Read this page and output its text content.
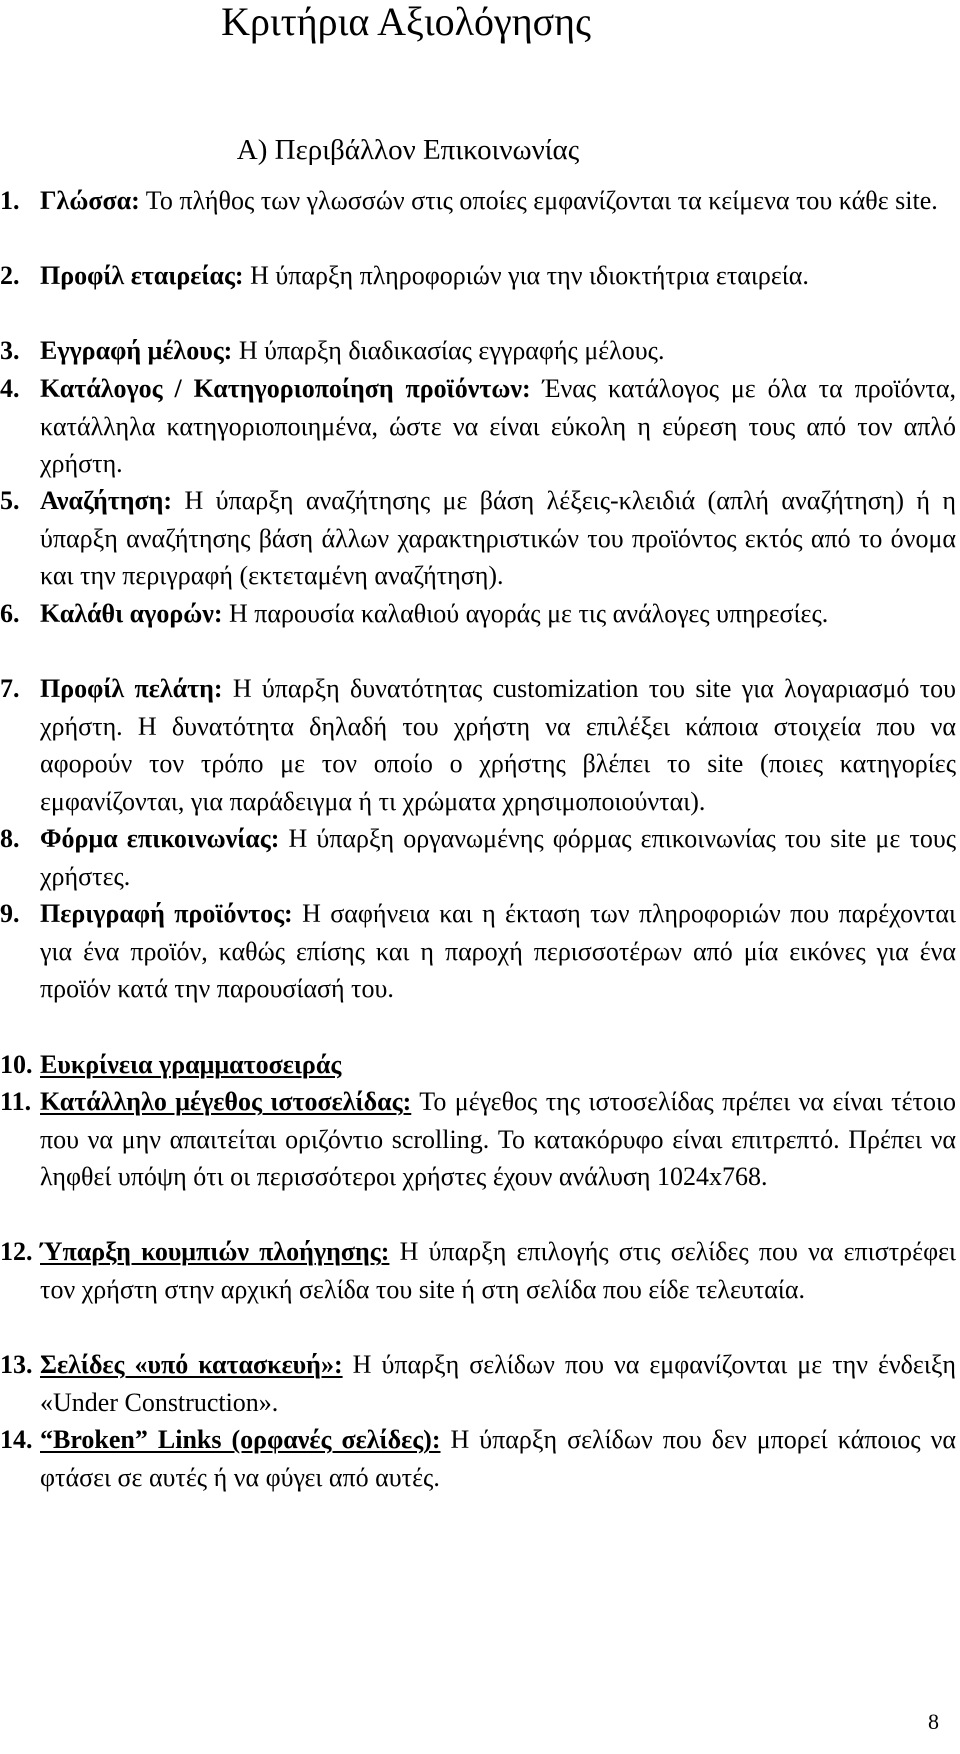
Κριτήρια Αξιολόγησης
Α) Περιβάλλον Επικοινωνίας
1. Γλώσσα: Το πλήθος των γλωσσών στις οποίες εμφανίζονται τα κείμενα του κάθε site.
2. Προφίλ εταιρείας: Η ύπαρξη πληροφοριών για την ιδιοκτήτρια εταιρεία.
3. Εγγραφή μέλους: Η ύπαρξη διαδικασίας εγγραφής μέλους.
4. Κατάλογος / Κατηγοριοποίηση προϊόντων: Ένας κατάλογος με όλα τα προϊόντα, κατάλληλα κατηγοριοποιημένα, ώστε να είναι εύκολη η εύρεση τους από τον απλό χρήστη.
5. Αναζήτηση: Η ύπαρξη αναζήτησης με βάση λέξεις-κλειδιά (απλή αναζήτηση) ή η ύπαρξη αναζήτησης βάση άλλων χαρακτηριστικών του προϊόντος εκτός από το όνομα και την περιγραφή (εκτεταμένη αναζήτηση).
6. Καλάθι αγορών: Η παρουσία καλαθιού αγοράς με τις ανάλογες υπηρεσίες.
7. Προφίλ πελάτη: Η ύπαρξη δυνατότητας customization του site για λογαριασμό του χρήστη. Η δυνατότητα δηλαδή του χρήστη να επιλέξει κάποια στοιχεία που να αφορούν τον τρόπο με τον οποίο ο χρήστης βλέπει το site (ποιες κατηγορίες εμφανίζονται, για παράδειγμα ή τι χρώματα χρησιμοποιούνται).
8. Φόρμα επικοινωνίας: Η ύπαρξη οργανωμένης φόρμας επικοινωνίας του site με τους χρήστες.
9. Περιγραφή προϊόντος: Η σαφήνεια και η έκταση των πληροφοριών που παρέχονται για ένα προϊόν, καθώς επίσης και η παροχή περισσοτέρων από μία εικόνες για ένα προϊόν κατά την παρουσίασή του.
10. Ευκρίνεια γραμματοσειράς
11. Κατάλληλο μέγεθος ιστοσελίδας: Το μέγεθος της ιστοσελίδας πρέπει να είναι τέτοιο που να μην απαιτείται οριζόντιο scrolling. Το κατακόρυφο είναι επιτρεπτό. Πρέπει να ληφθεί υπόψη ότι οι περισσότεροι χρήστες έχουν ανάλυση 1024x768.
12. Ύπαρξη κουμπιών πλοήγησης: Η ύπαρξη επιλογής στις σελίδες που να επιστρέφει τον χρήστη στην αρχική σελίδα του site ή στη σελίδα που είδε τελευταία.
13. Σελίδες «υπό κατασκευή»: Η ύπαρξη σελίδων που να εμφανίζονται με την ένδειξη «Under Construction».
14. “Broken” Links (ορφανές σελίδες): Η ύπαρξη σελίδων που δεν μπορεί κάποιος να φτάσει σε αυτές ή να φύγει από αυτές.
8
